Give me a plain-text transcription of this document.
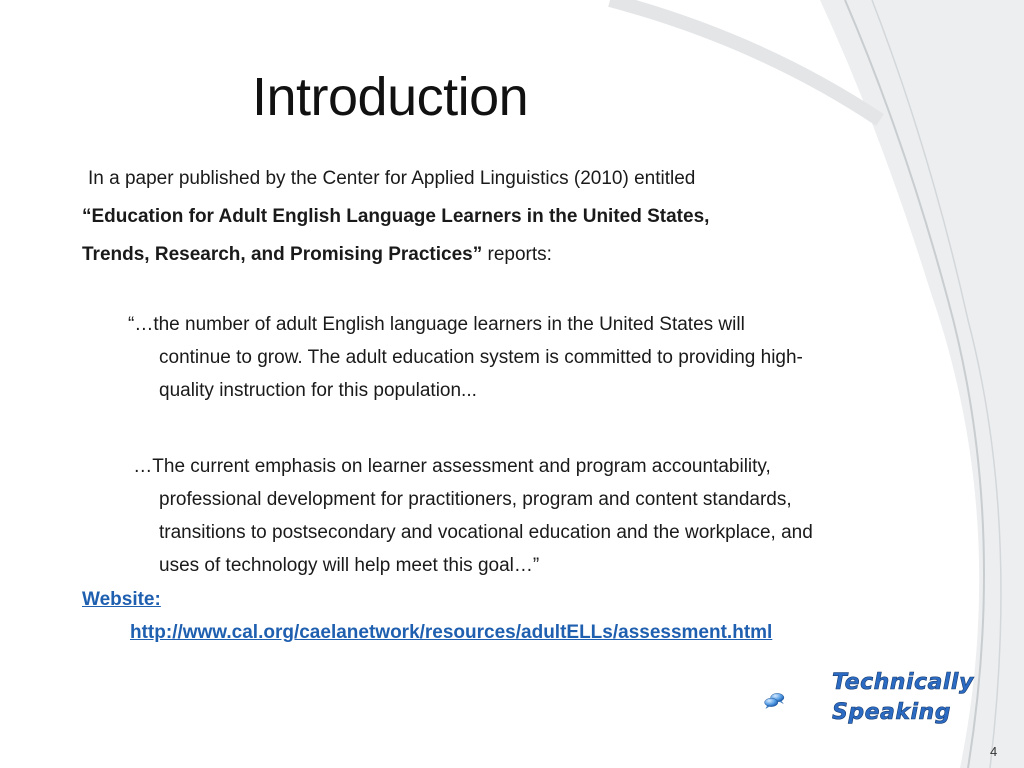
Introduction
In a paper published by the Center for Applied Linguistics (2010) entitled
“Education for Adult English Language Learners in the United States,
Trends, Research, and Promising Practices” reports:
“…the number of adult English language learners in the United States will
continue to grow. The adult education system is committed to providing high-
quality instruction for this population...
…The current emphasis on learner assessment and program accountability,
professional development for practitioners, program and content standards,
transitions to postsecondary and vocational education and the workplace, and
uses of technology will help meet this goal…”
Website:
http://www.cal.org/caelanetwork/resources/adultELLs/assessment.html
Technically
Speaking
4
